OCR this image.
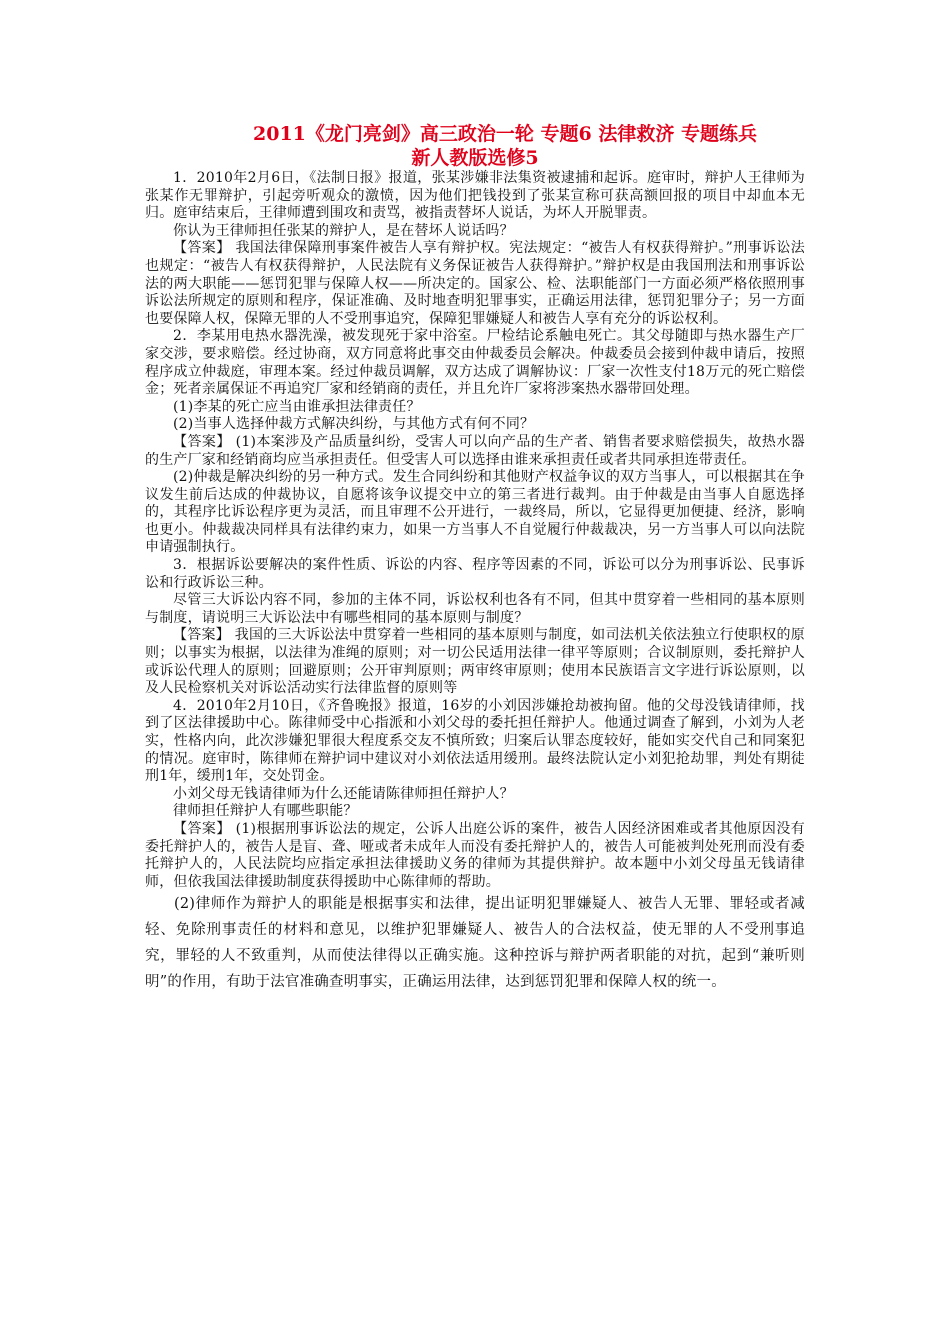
2011《龙门亮剑》高三政治一轮 专题6 法律救济 专题练兵

新人教版选修5

1．2010年2月6日，《法制日报》报道，张某涉嫌非法集资被逮捕和起诉。庭审时，辩护人王律师为张某作无罪辩护，引起旁听观众的激愤，因为他们把钱投到了张某宣称可获高额回报的项目中却血本无归。庭审结束后，王律师遭到围攻和责骂，被指责替坏人说话，为坏人开脱罪责。

你认为王律师担任张某的辩护人，是在替坏人说话吗？

【答案】 我国法律保障刑事案件被告人享有辩护权。宪法规定：“被告人有权获得辩护。”刑事诉讼法也规定：“被告人有权获得辩护，人民法院有义务保证被告人获得辩护。”辩护权是由我国刑法和刑事诉讼法的两大职能——惩罚犯罪与保障人权——所决定的。国家公、检、法职能部门一方面必须严格依照刑事诉讼法所规定的原则和程序，保证准确、及时地查明犯罪事实，正确运用法律，惩罚犯罪分子；另一方面也要保障人权，保障无罪的人不受刑事追究，保障犯罪嫌疑人和被告人享有充分的诉讼权利。

2．李某用电热水器洗澡，被发现死于家中浴室。尸检结论系触电死亡。其父母随即与热水器生产厂家交涉，要求赔偿。经过协商，双方同意将此事交由仲裁委员会解决。仲裁委员会接到仲裁申请后，按照程序成立仲裁庭，审理本案。经过仲裁员调解，双方达成了调解协议：厂家一次性支付18万元的死亡赔偿金；死者亲属保证不再追究厂家和经销商的责任，并且允许厂家将涉案热水器带回处理。

(1)李某的死亡应当由谁承担法律责任？

(2)当事人选择仲裁方式解决纠纷，与其他方式有何不同？

【答案】 (1)本案涉及产品质量纠纷，受害人可以向产品的生产者、销售者要求赔偿损失，故热水器的生产厂家和经销商均应当承担责任。但受害人可以选择由谁来承担责任或者共同承担连带责任。

(2)仲裁是解决纠纷的另一种方式。发生合同纠纷和其他财产权益争议的双方当事人，可以根据其在争议发生前后达成的仲裁协议，自愿将该争议提交中立的第三者进行裁判。由于仲裁是由当事人自愿选择的，其程序比诉讼程序更为灵活，而且审理不公开进行，一裁终局，所以，它显得更加便捷、经济，影响也更小。仲裁裁决同样具有法律约束力，如果一方当事人不自觉履行仲裁裁决，另一方当事人可以向法院申请强制执行。

3．根据诉讼要解决的案件性质、诉讼的内容、程序等因素的不同，诉讼可以分为刑事诉讼、民事诉讼和行政诉讼三种。

尽管三大诉讼内容不同，参加的主体不同，诉讼权利也各有不同，但其中贯穿着一些相同的基本原则与制度，请说明三大诉讼法中有哪些相同的基本原则与制度？

【答案】 我国的三大诉讼法中贯穿着一些相同的基本原则与制度，如司法机关依法独立行使职权的原则；以事实为根据，以法律为准绳的原则；对一切公民适用法律一律平等原则；合议制原则，委托辩护人或诉讼代理人的原则；回避原则；公开审判原则；两审终审原则；使用本民族语言文字进行诉讼原则，以及人民检察机关对诉讼活动实行法律监督的原则等

4．2010年2月10日，《齐鲁晚报》报道，16岁的小刘因涉嫌抢劫被拘留。他的父母没钱请律师，找到了区法律援助中心。陈律师受中心指派和小刘父母的委托担任辩护人。他通过调查了解到，小刘为人老实，性格内向，此次涉嫌犯罪很大程度系交友不慎所致；归案后认罪态度较好，能如实交代自己和同案犯的情况。庭审时，陈律师在辩护词中建议对小刘依法适用缓刑。最终法院认定小刘犯抢劫罪，判处有期徒刑1年，缓刑1年，交处罚金。

小刘父母无钱请律师为什么还能请陈律师担任辩护人？

律师担任辩护人有哪些职能？

【答案】 (1)根据刑事诉讼法的规定，公诉人出庭公诉的案件，被告人因经济困难或者其他原因没有委托辩护人的，被告人是盲、聋、哑或者未成年人而没有委托辩护人的，被告人可能被判处死刑而没有委托辩护人的，人民法院均应指定承担法律援助义务的律师为其提供辩护。故本题中小刘父母虽无钱请律师，但依我国法律援助制度获得援助中心陈律师的帮助。

(2)律师作为辩护人的职能是根据事实和法律，提出证明犯罪嫌疑人、被告人无罪、罪轻或者减轻、免除刑事责任的材料和意见，以维护犯罪嫌疑人、被告人的合法权益，使无罪的人不受刑事追究，罪轻的人不致重判，从而使法律得以正确实施。这种控诉与辩护两者职能的对抗，起到“兼听则明”的作用，有助于法官准确查明事实，正确运用法律，达到惩罚犯罪和保障人权的统一。
